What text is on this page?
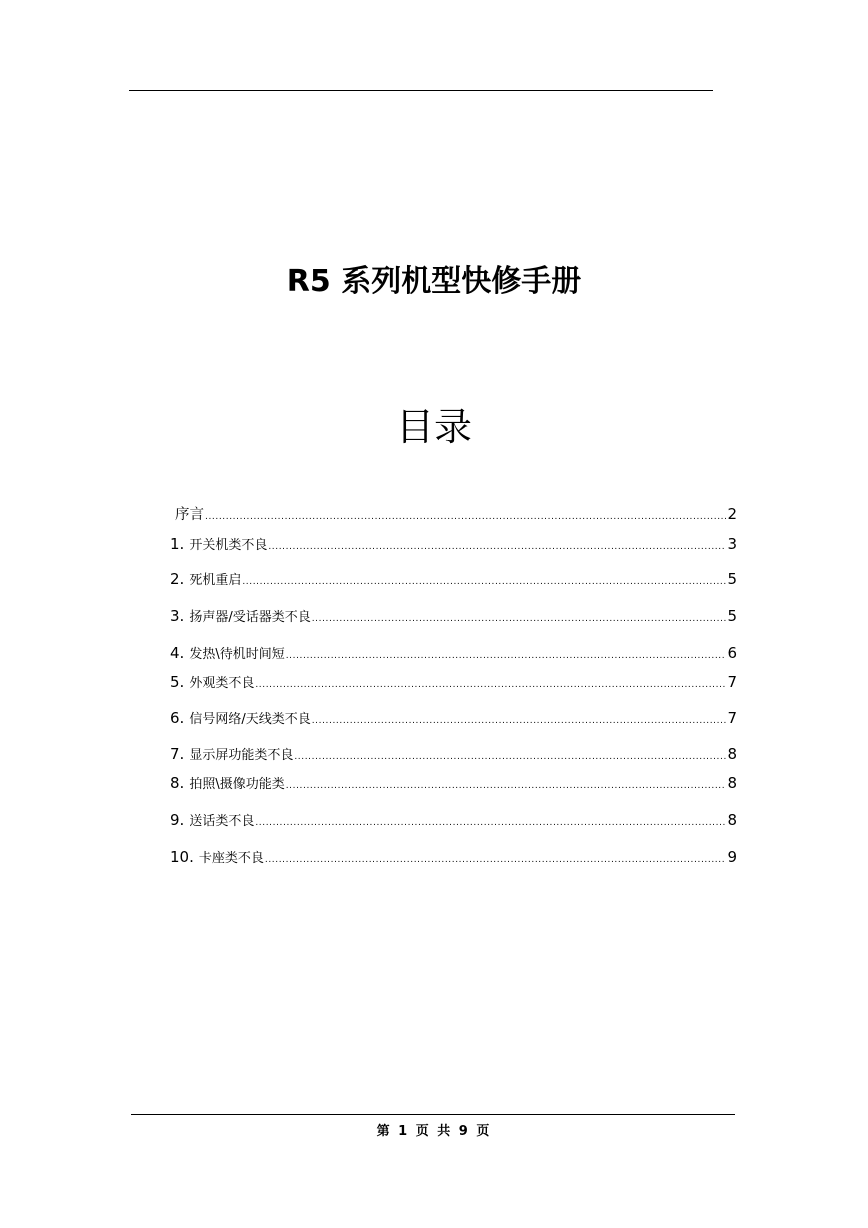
R5 系列机型快修手册
目录
序言 .....	2
1. 开关机类不良 .....	3
2. 死机重启 .....	5
3. 扬声器/受话器类不良 .....	5
4. 发热\待机时间短 .....	6
5. 外观类不良 .....	7
6. 信号网络/天线类不良 .....	7
7. 显示屏功能类不良 .....	8
8. 拍照\摄像功能类 .....	8
9. 送话类不良 .....	8
10. 卡座类不良 .....	9
第 1 页 共 9 页
